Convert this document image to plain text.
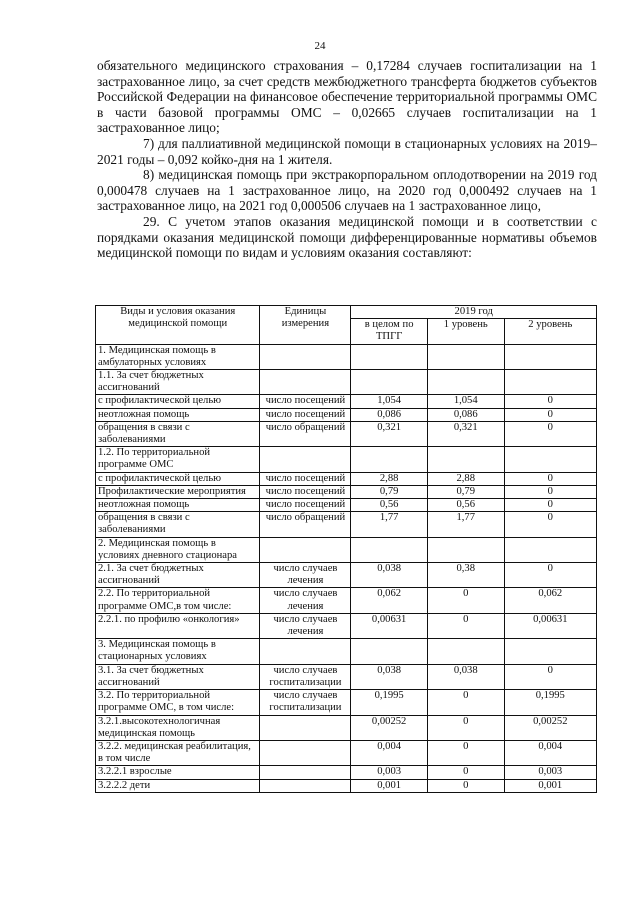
24

обязательного медицинского страхования – 0,17284 случаев госпитализации на 1 застрахованное лицо, за счет средств межбюджетного трансферта бюджетов субъектов Российской Федерации на финансовое обеспечение территориальной программы ОМС в части базовой программы ОМС – 0,02665 случаев госпитализации на 1 застрахованное лицо;

7) для паллиативной медицинской помощи в стационарных условиях на 2019–2021 годы – 0,092 койко-дня на 1 жителя.

8) медицинская помощь при экстракорпоральном оплодотворении на 2019 год 0,000478 случаев на 1 застрахованное лицо, на 2020 год 0,000492 случаев на 1 застрахованное лицо, на 2021 год 0,000506 случаев на 1 застрахованное лицо,

29. С учетом этапов оказания медицинской помощи и в соответствии с порядками оказания медицинской помощи дифференцированные нормативы объемов медицинской помощи по видам и условиям оказания составляют:

Виды и условия оказания медицинской помощи	Единицы измерения	2019 год		
		в целом по ТПГГ	1 уровень	2 уровень
1. Медицинская помощь в амбулаторных условиях				
1.1. За счет бюджетных ассигнований				
с профилактической целью	число посещений	1,054	1,054	0
неотложная помощь	число посещений	0,086	0,086	0
обращения в связи с заболеваниями	число обращений	0,321	0,321	0
1.2. По территориальной программе ОМС				
с профилактической целью	число посещений	2,88	2,88	0
Профилактические мероприятия	число посещений	0,79	0,79	0
неотложная помощь	число посещений	0,56	0,56	0
обращения в связи с заболеваниями	число обращений	1,77	1,77	0
2. Медицинская помощь в условиях дневного стационара				
2.1. За счет бюджетных ассигнований	число случаев лечения	0,038	0,38	0
2.2. По территориальной программе ОМС,в том числе:	число случаев лечения	0,062	0	0,062
2.2.1. по профилю «онкология»	число случаев лечения	0,00631	0	0,00631
3. Медицинская помощь в стационарных условиях				
3.1. За счет бюджетных ассигнований	число случаев госпитализации	0,038	0,038	0
3.2. По территориальной программе ОМС, в том числе:	число случаев госпитализации	0,1995	0	0,1995
3.2.1.высокотехнологичная медицинская помощь		0,00252	0	0,00252
3.2.2. медицинская реабилитация, в том числе		0,004	0	0,004
3.2.2.1 взрослые		0,003	0	0,003
3.2.2.2 дети		0,001	0	0,001
